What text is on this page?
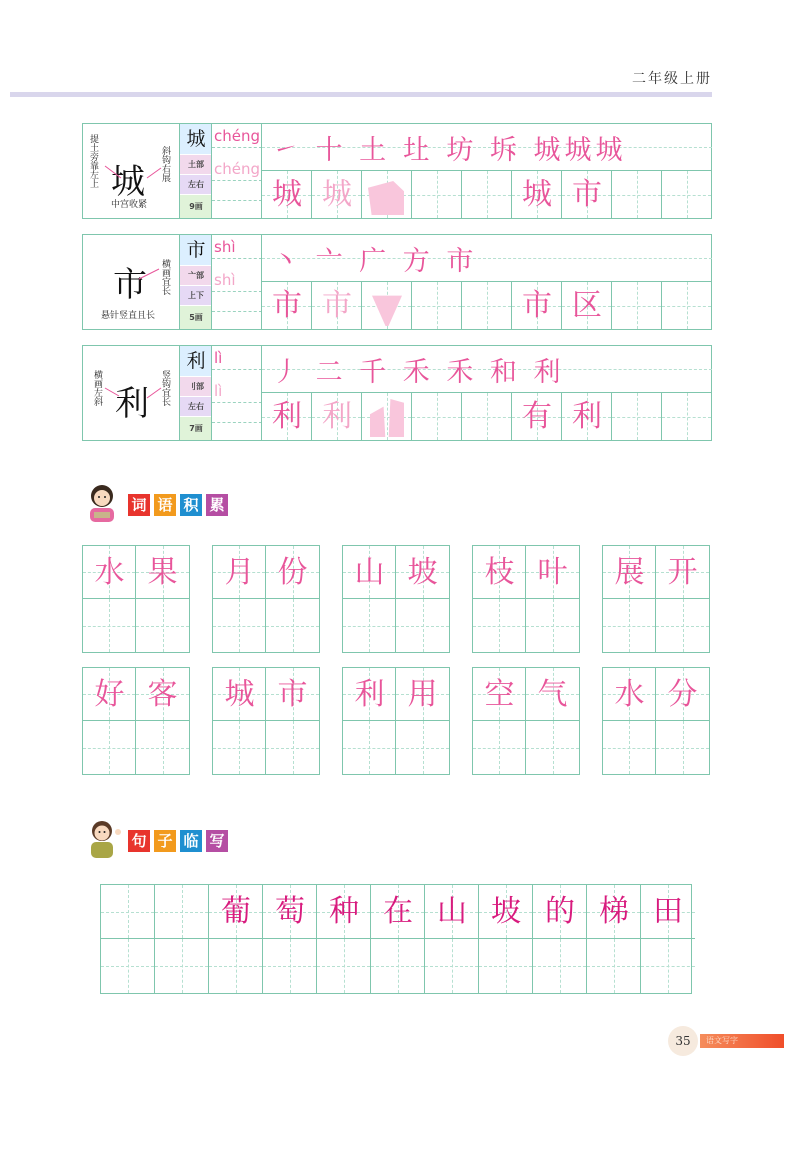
二年级上册
提土旁靠左上 城 斜钩右展
中宫收紧
城
土部
左右
9画
chéng
chéng
㇀ 十 土 圵 坊 坼 城城城
城 城	城 市
市 横画宜长
悬针竖直且长
市
亠部
上下
5画
shì
shì
丶 亠 广 方 市
市 市	市 区
横画左斜 利 竖钩宜长
利
刂部
左右
7画
lì
lì
丿 二 千 禾 禾 和 利
利 利	有 利
词 语 积 累
水 果	月 份	山 坡	枝 叶	展 开
好 客	城 市	利 用	空 气	水 分
句 子 临 写
葡 萄 种 在 山 坡 的 梯 田
35	语文写字
